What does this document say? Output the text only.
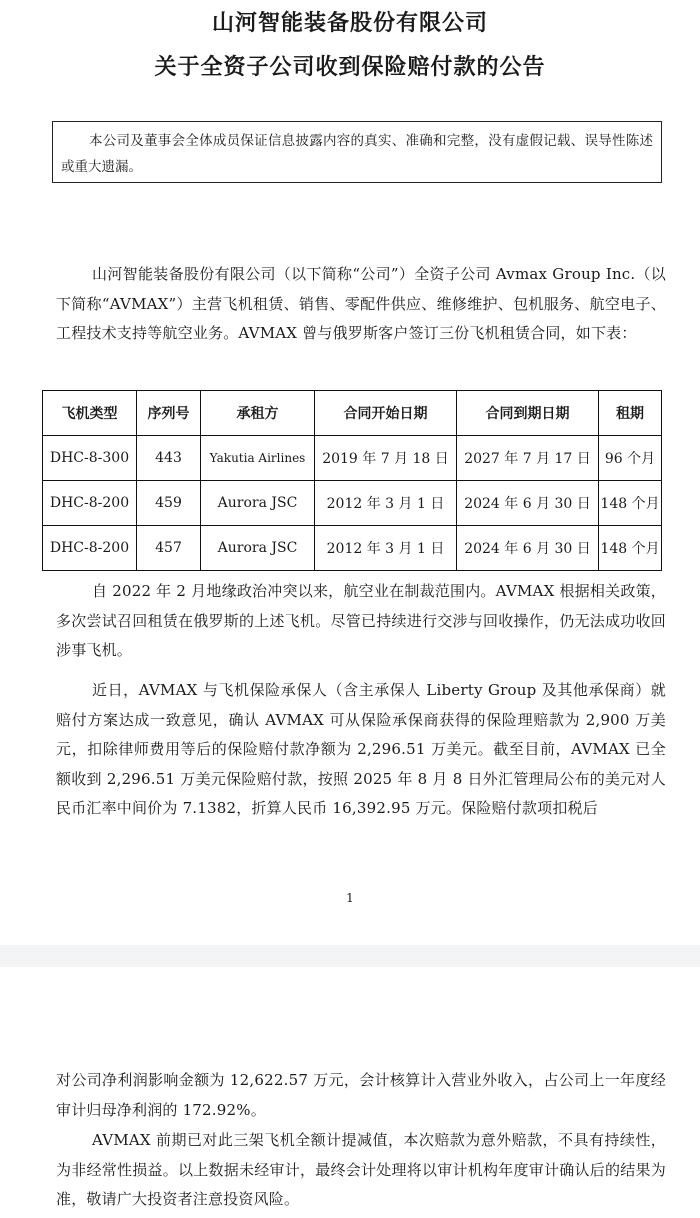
山河智能装备股份有限公司
关于全资子公司收到保险赔付款的公告
本公司及董事会全体成员保证信息披露内容的真实、准确和完整，没有虚假记载、误导性陈述或重大遗漏。
山河智能装备股份有限公司（以下简称“公司”）全资子公司 Avmax Group Inc.（以下简称“AVMAX”）主营飞机租赁、销售、零配件供应、维修维护、包机服务、航空电子、工程技术支持等航空业务。AVMAX 曾与俄罗斯客户签订三份飞机租赁合同，如下表：
飞机类型	序列号	承租方	合同开始日期	合同到期日期	租期
DHC-8-300	443	Yakutia Airlines	2019 年 7 月 18 日	2027 年 7 月 17 日	96 个月
DHC-8-200	459	Aurora JSC	2012 年 3 月 1 日	2024 年 6 月 30 日	148 个月
DHC-8-200	457	Aurora JSC	2012 年 3 月 1 日	2024 年 6 月 30 日	148 个月
自 2022 年 2 月地缘政治冲突以来，航空业在制裁范围内。AVMAX 根据相关政策，多次尝试召回租赁在俄罗斯的上述飞机。尽管已持续进行交涉与回收操作，仍无法成功收回涉事飞机。
近日，AVMAX 与飞机保险承保人（含主承保人 Liberty Group 及其他承保商）就赔付方案达成一致意见，确认 AVMAX 可从保险承保商获得的保险理赔款为 2,900 万美元，扣除律师费用等后的保险赔付款净额为 2,296.51 万美元。截至目前，AVMAX 已全额收到 2,296.51 万美元保险赔付款，按照 2025 年 8 月 8 日外汇管理局公布的美元对人民币汇率中间价为 7.1382，折算人民币 16,392.95 万元。保险赔付款项扣税后
1
对公司净利润影响金额为 12,622.57 万元，会计核算计入营业外收入，占公司上一年度经审计归母净利润的 172.92%。
AVMAX 前期已对此三架飞机全额计提减值，本次赔款为意外赔款，不具有持续性，为非经常性损益。以上数据未经审计，最终会计处理将以审计机构年度审计确认后的结果为准，敬请广大投资者注意投资风险。
